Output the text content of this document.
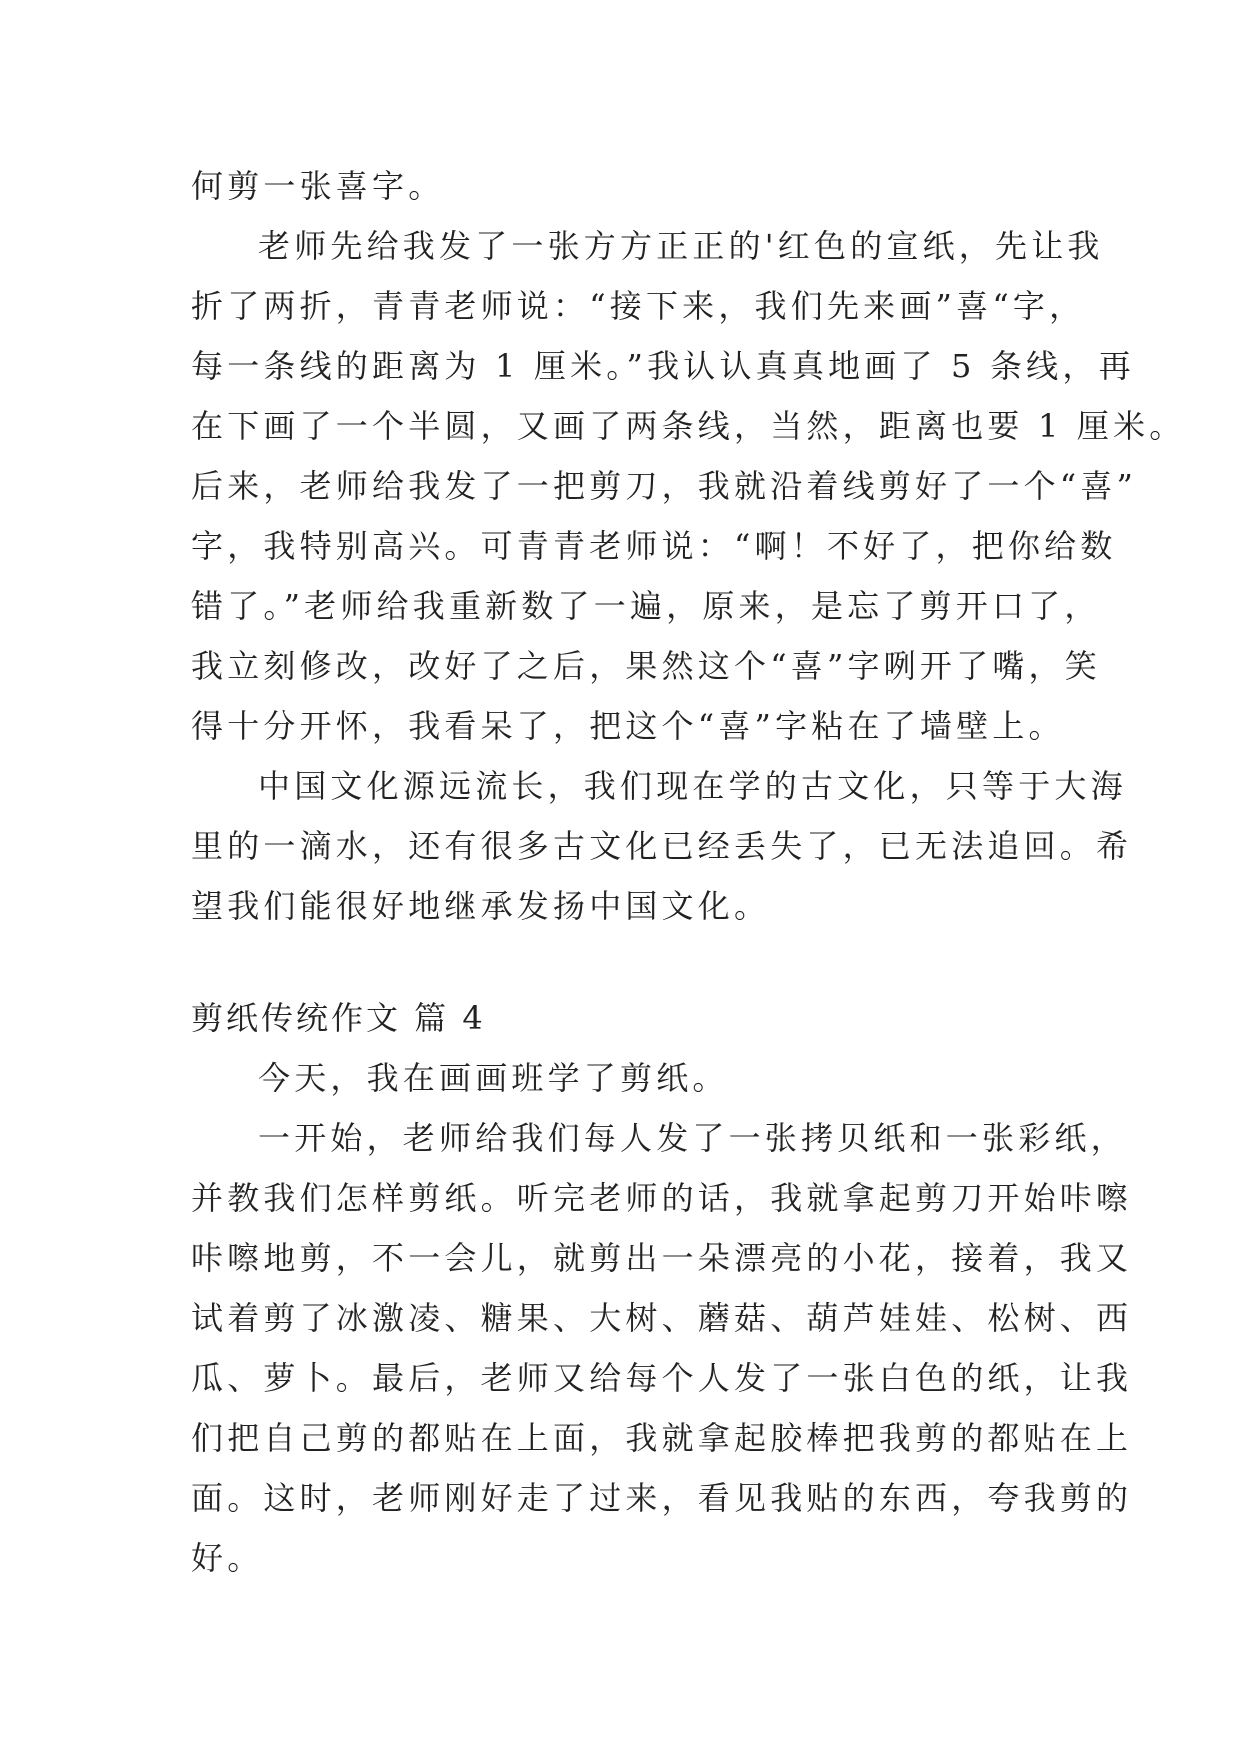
何剪一张喜字。
老师先给我发了一张方方正正的'红色的宣纸，先让我
折了两折，青青老师说：“接下来，我们先来画”喜“字，
每一条线的距离为 1 厘米。”我认认真真地画了 5 条线，再
在下画了一个半圆，又画了两条线，当然，距离也要 1 厘米。
后来，老师给我发了一把剪刀，我就沿着线剪好了一个“喜”
字，我特别高兴。可青青老师说：“啊！不好了，把你给数
错了。”老师给我重新数了一遍，原来，是忘了剪开口了，
我立刻修改，改好了之后，果然这个“喜”字咧开了嘴，笑
得十分开怀，我看呆了，把这个“喜”字粘在了墙壁上。
中国文化源远流长，我们现在学的古文化，只等于大海
里的一滴水，还有很多古文化已经丢失了，已无法追回。希
望我们能很好地继承发扬中国文化。
剪纸传统作文 篇 4
今天，我在画画班学了剪纸。
一开始，老师给我们每人发了一张拷贝纸和一张彩纸，
并教我们怎样剪纸。听完老师的话，我就拿起剪刀开始咔嚓
咔嚓地剪，不一会儿，就剪出一朵漂亮的小花，接着，我又
试着剪了冰激凌、糖果、大树、蘑菇、葫芦娃娃、松树、西
瓜、萝卜。最后，老师又给每个人发了一张白色的纸，让我
们把自己剪的都贴在上面，我就拿起胶棒把我剪的都贴在上
面。这时，老师刚好走了过来，看见我贴的东西，夸我剪的
好。
